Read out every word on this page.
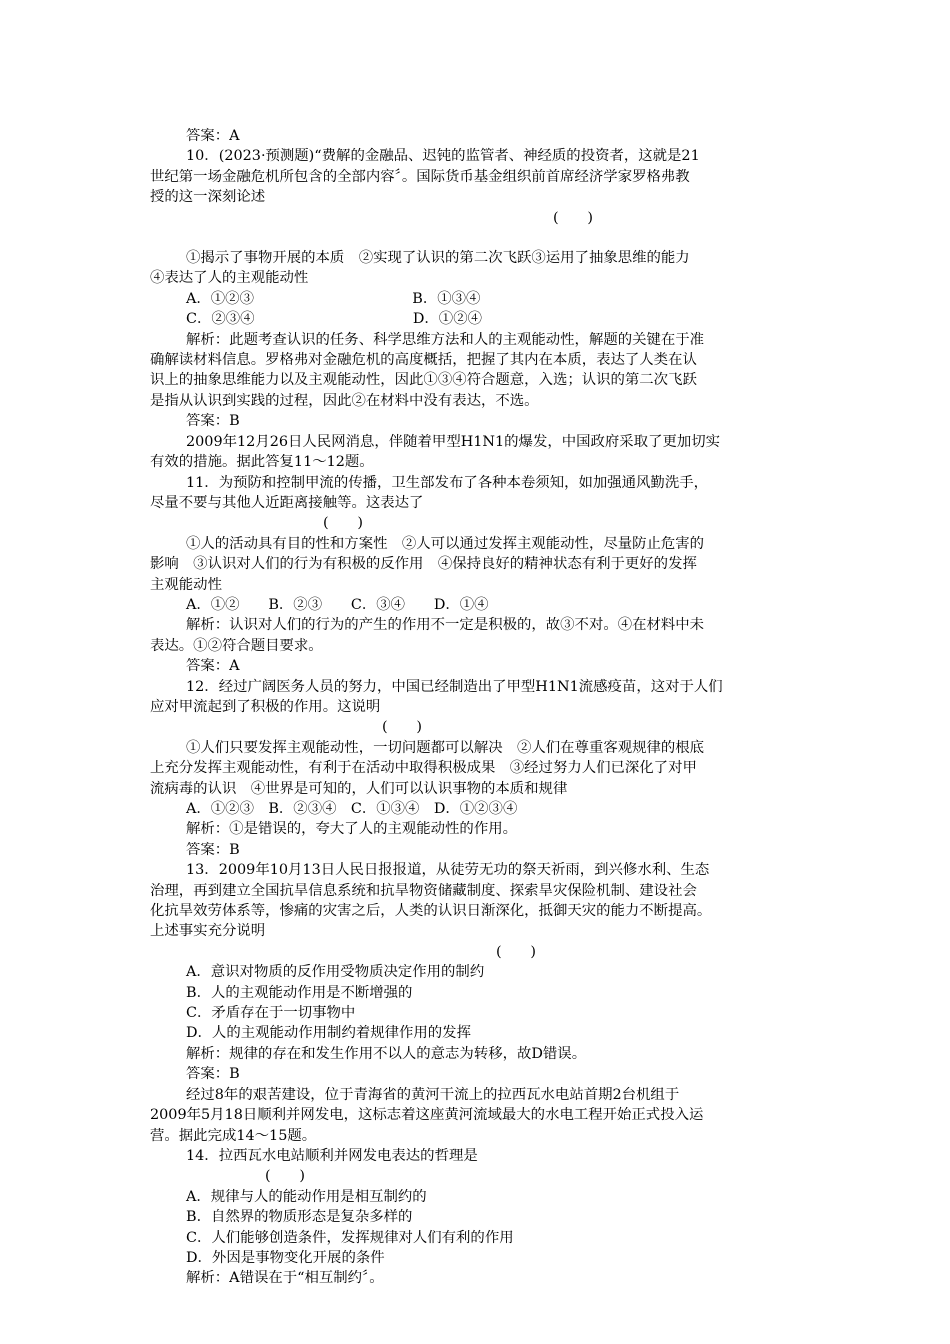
答案：A

10．(2023·预测题)“费解的金融品、迟钝的监管者、神经质的投资者，这就是21

世纪第一场金融危机所包含的全部内容〞。国际货币基金组织前首席经济学家罗格弗教

授的这一深刻论述

(　　)

①揭示了事物开展的本质　②实现了认识的第二次飞跃③运用了抽象思维的能力

④表达了人的主观能动性

A．①②③　　　　　　　　　　　B．①③④

C．②③④　　　　　　　　　　　D．①②④

解析：此题考查认识的任务、科学思维方法和人的主观能动性，解题的关键在于准

确解读材料信息。罗格弗对金融危机的高度概括，把握了其内在本质，表达了人类在认

识上的抽象思维能力以及主观能动性，因此①③④符合题意，入选；认识的第二次飞跃

是指从认识到实践的过程，因此②在材料中没有表达，不选。

答案：B

2009年12月26日人民网消息，伴随着甲型H1N1的爆发，中国政府采取了更加切实

有效的措施。据此答复11～12题。

11．为预防和控制甲流的传播，卫生部发布了各种本卷须知，如加强通风勤洗手，

尽量不要与其他人近距离接触等。这表达了

(　　)

①人的活动具有目的性和方案性　②人可以通过发挥主观能动性，尽量防止危害的

影响　③认识对人们的行为有积极的反作用　④保持良好的精神状态有利于更好的发挥

主观能动性

A．①②　　B．②③　　C．③④　　D．①④

解析：认识对人们的行为的产生的作用不一定是积极的，故③不对。④在材料中未

表达。①②符合题目要求。

答案：A

12．经过广阔医务人员的努力，中国已经制造出了甲型H1N1流感疫苗，这对于人们

应对甲流起到了积极的作用。这说明

(　　)

①人们只要发挥主观能动性，一切问题都可以解决　②人们在尊重客观规律的根底

上充分发挥主观能动性，有利于在活动中取得积极成果　③经过努力人们已深化了对甲

流病毒的认识　④世界是可知的，人们可以认识事物的本质和规律

A．①②③　B．②③④　C．①③④　D．①②③④

解析：①是错误的，夸大了人的主观能动性的作用。

答案：B

13．2009年10月13日人民日报报道，从徒劳无功的祭天祈雨，到兴修水利、生态

治理，再到建立全国抗旱信息系统和抗旱物资储藏制度、探索旱灾保险机制、建设社会

化抗旱效劳体系等，惨痛的灾害之后，人类的认识日渐深化，抵御天灾的能力不断提高。

上述事实充分说明

(　　)

A．意识对物质的反作用受物质决定作用的制约

B．人的主观能动作用是不断增强的

C．矛盾存在于一切事物中

D．人的主观能动作用制约着规律作用的发挥

解析：规律的存在和发生作用不以人的意志为转移，故D错误。

答案：B

经过8年的艰苦建设，位于青海省的黄河干流上的拉西瓦水电站首期2台机组于

2009年5月18日顺利并网发电，这标志着这座黄河流域最大的水电工程开始正式投入运

营。据此完成14～15题。

14．拉西瓦水电站顺利并网发电表达的哲理是

(　　)

A．规律与人的能动作用是相互制约的

B．自然界的物质形态是复杂多样的

C．人们能够创造条件，发挥规律对人们有利的作用

D．外因是事物变化开展的条件

解析：A错误在于“相互制约〞。
